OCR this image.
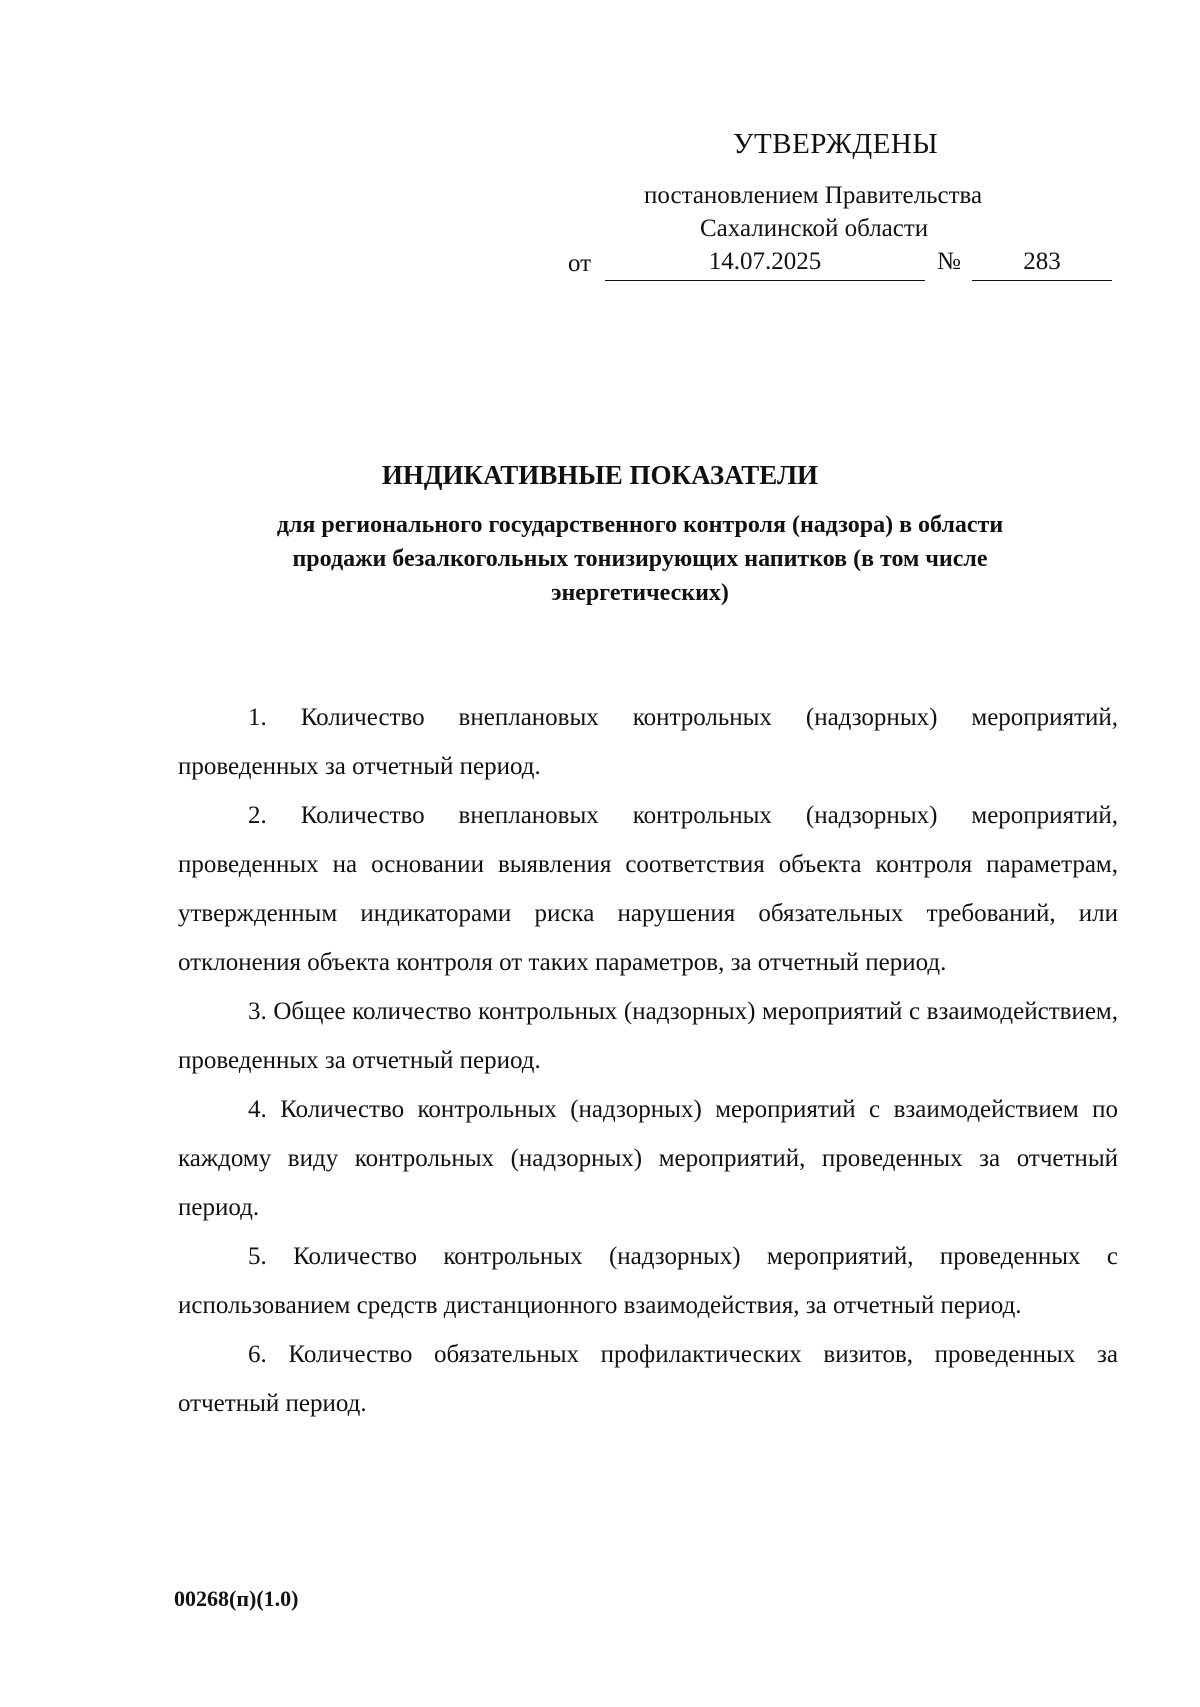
УТВЕРЖДЕНЫ
постановлением Правительства
Сахалинской области
от	14.07.2025	№	283
ИНДИКАТИВНЫЕ ПОКАЗАТЕЛИ
для регионального государственного контроля (надзора) в области продажи безалкогольных тонизирующих напитков (в том числе энергетических)

1. Количество внеплановых контрольных (надзорных) мероприятий, проведенных за отчетный период.

2. Количество внеплановых контрольных (надзорных) мероприятий, проведенных на основании выявления соответствия объекта контроля параметрам, утвержденным индикаторами риска нарушения обязательных требований, или отклонения объекта контроля от таких параметров, за отчетный период.

3. Общее количество контрольных (надзорных) мероприятий с взаимодействием, проведенных за отчетный период.

4. Количество контрольных (надзорных) мероприятий с взаимодействием по каждому виду контрольных (надзорных) мероприятий, проведенных за отчетный период.

5. Количество контрольных (надзорных) мероприятий, проведенных с использованием средств дистанционного взаимодействия, за отчетный период.

6. Количество обязательных профилактических визитов, проведенных за отчетный период.

00268(п)(1.0)
